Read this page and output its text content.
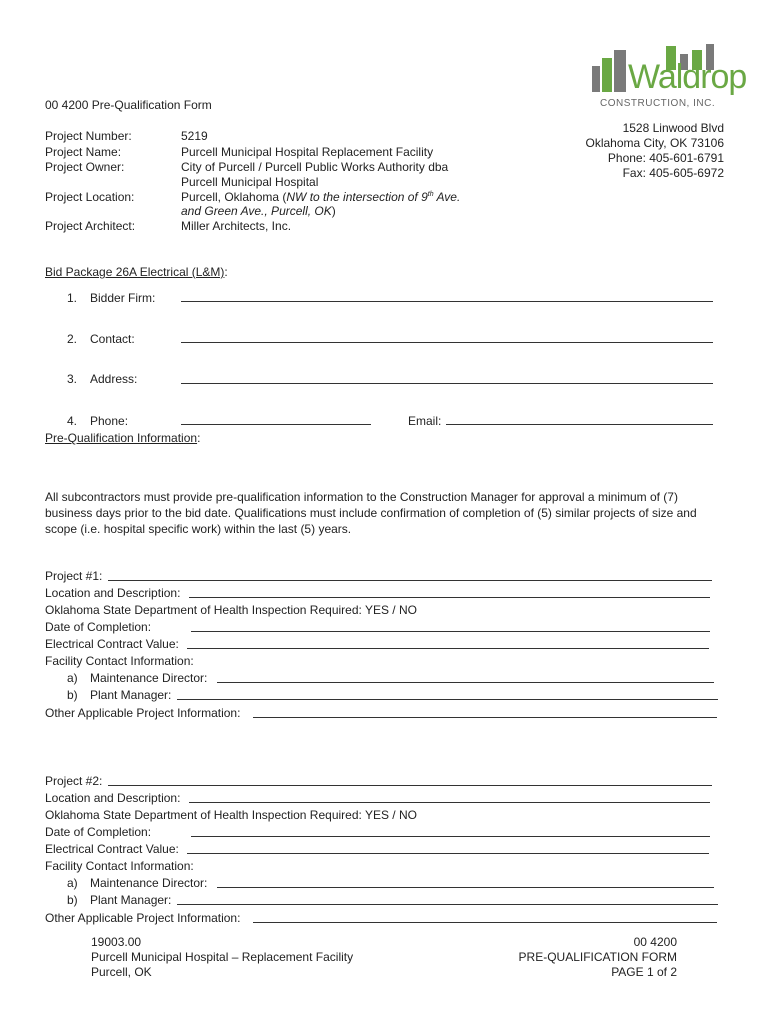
Waldrop
CONSTRUCTION, INC.
00 4200 Pre-Qualification Form
1528 Linwood Blvd
Oklahoma City, OK 73106
Phone: 405-601-6791
Fax: 405-605-6972
Project Number:	5219
Project Name:	Purcell Municipal Hospital Replacement Facility
Project Owner:	City of Purcell / Purcell Public Works Authority dba
Purcell Municipal Hospital
Project Location:	Purcell, Oklahoma (NW to the intersection of 9th Ave.
and Green Ave., Purcell, OK)
Project Architect:	Miller Architects, Inc.
Bid Package 26A Electrical (L&M):
1. Bidder Firm:
2. Contact:
3. Address:
4. Phone:	Email:
Pre-Qualification Information:
All subcontractors must provide pre-qualification information to the Construction Manager for approval a minimum of (7) business days prior to the bid date. Qualifications must include confirmation of completion of (5) similar projects of size and scope (i.e. hospital specific work) within the last (5) years.
Project #1:
Location and Description:
Oklahoma State Department of Health Inspection Required: YES / NO
Date of Completion:
Electrical Contract Value:
Facility Contact Information:
a) Maintenance Director:
b) Plant Manager:
Other Applicable Project Information:
Project #2:
Location and Description:
Oklahoma State Department of Health Inspection Required: YES / NO
Date of Completion:
Electrical Contract Value:
Facility Contact Information:
a) Maintenance Director:
b) Plant Manager:
Other Applicable Project Information:
19003.00
Purcell Municipal Hospital – Replacement Facility
Purcell, OK
00 4200
PRE-QUALIFICATION FORM
PAGE 1 of 2
